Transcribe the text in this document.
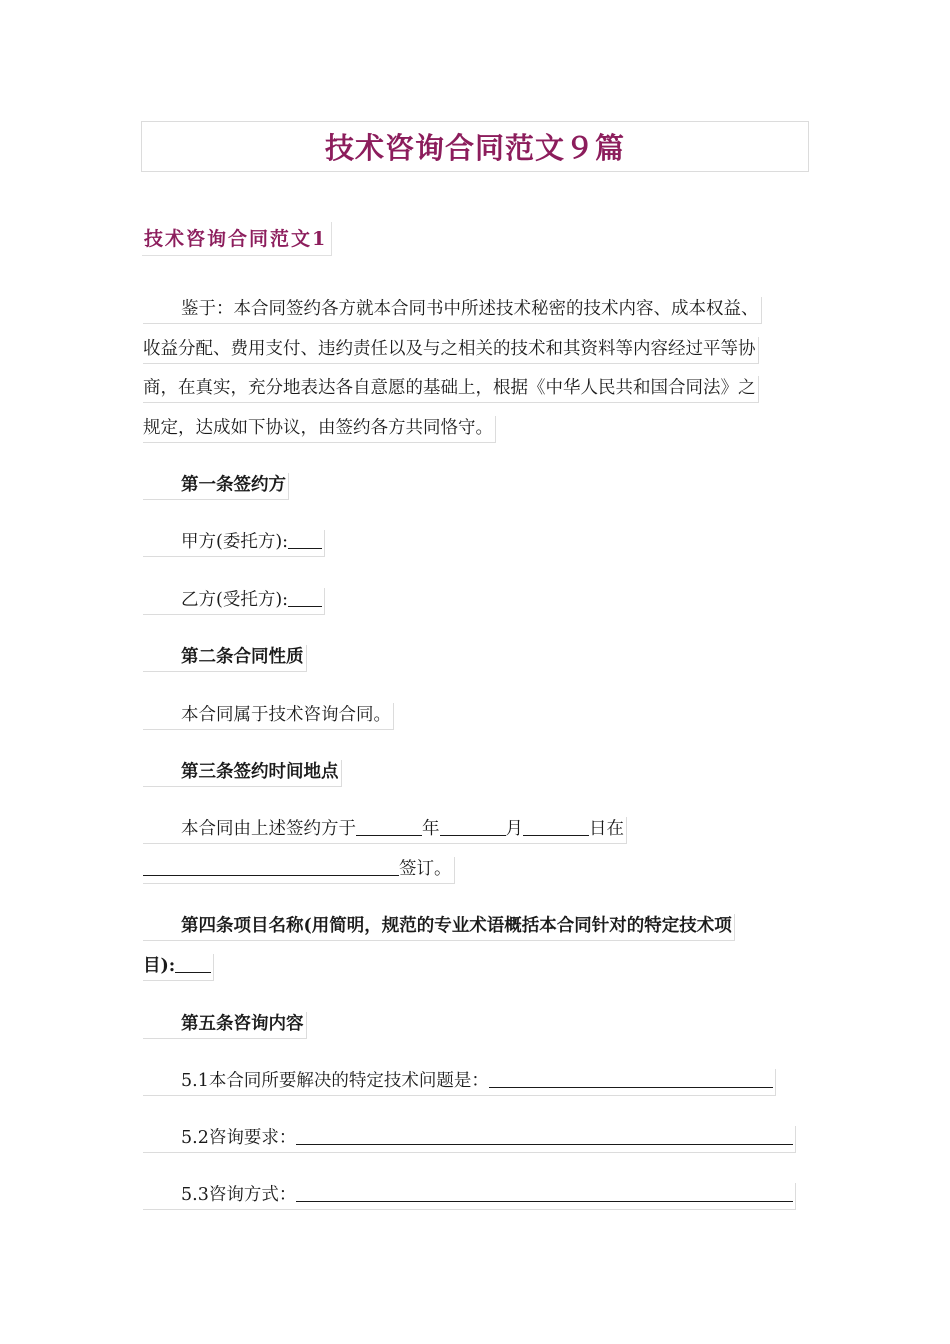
技术咨询合同范文９篇
技术咨询合同范文1
鉴于：本合同签约各方就本合同书中所述技术秘密的技术内容、成本权益、
收益分配、费用支付、违约责任以及与之相关的技术和其资料等内容经过平等协
商，在真实，充分地表达各自意愿的基础上，根据《中华人民共和国合同法》之
规定，达成如下协议，由签约各方共同恪守。
第一条签约方
甲方(委托方):
乙方(受托方):
第二条合同性质
本合同属于技术咨询合同。
第三条签约时间地点
本合同由上述签约方于	年	月	日在
签订。
第四条项目名称(用简明，规范的专业术语概括本合同针对的特定技术项
目):
第五条咨询内容
5.1本合同所要解决的特定技术问题是：
5.2咨询要求：
5.3咨询方式：
